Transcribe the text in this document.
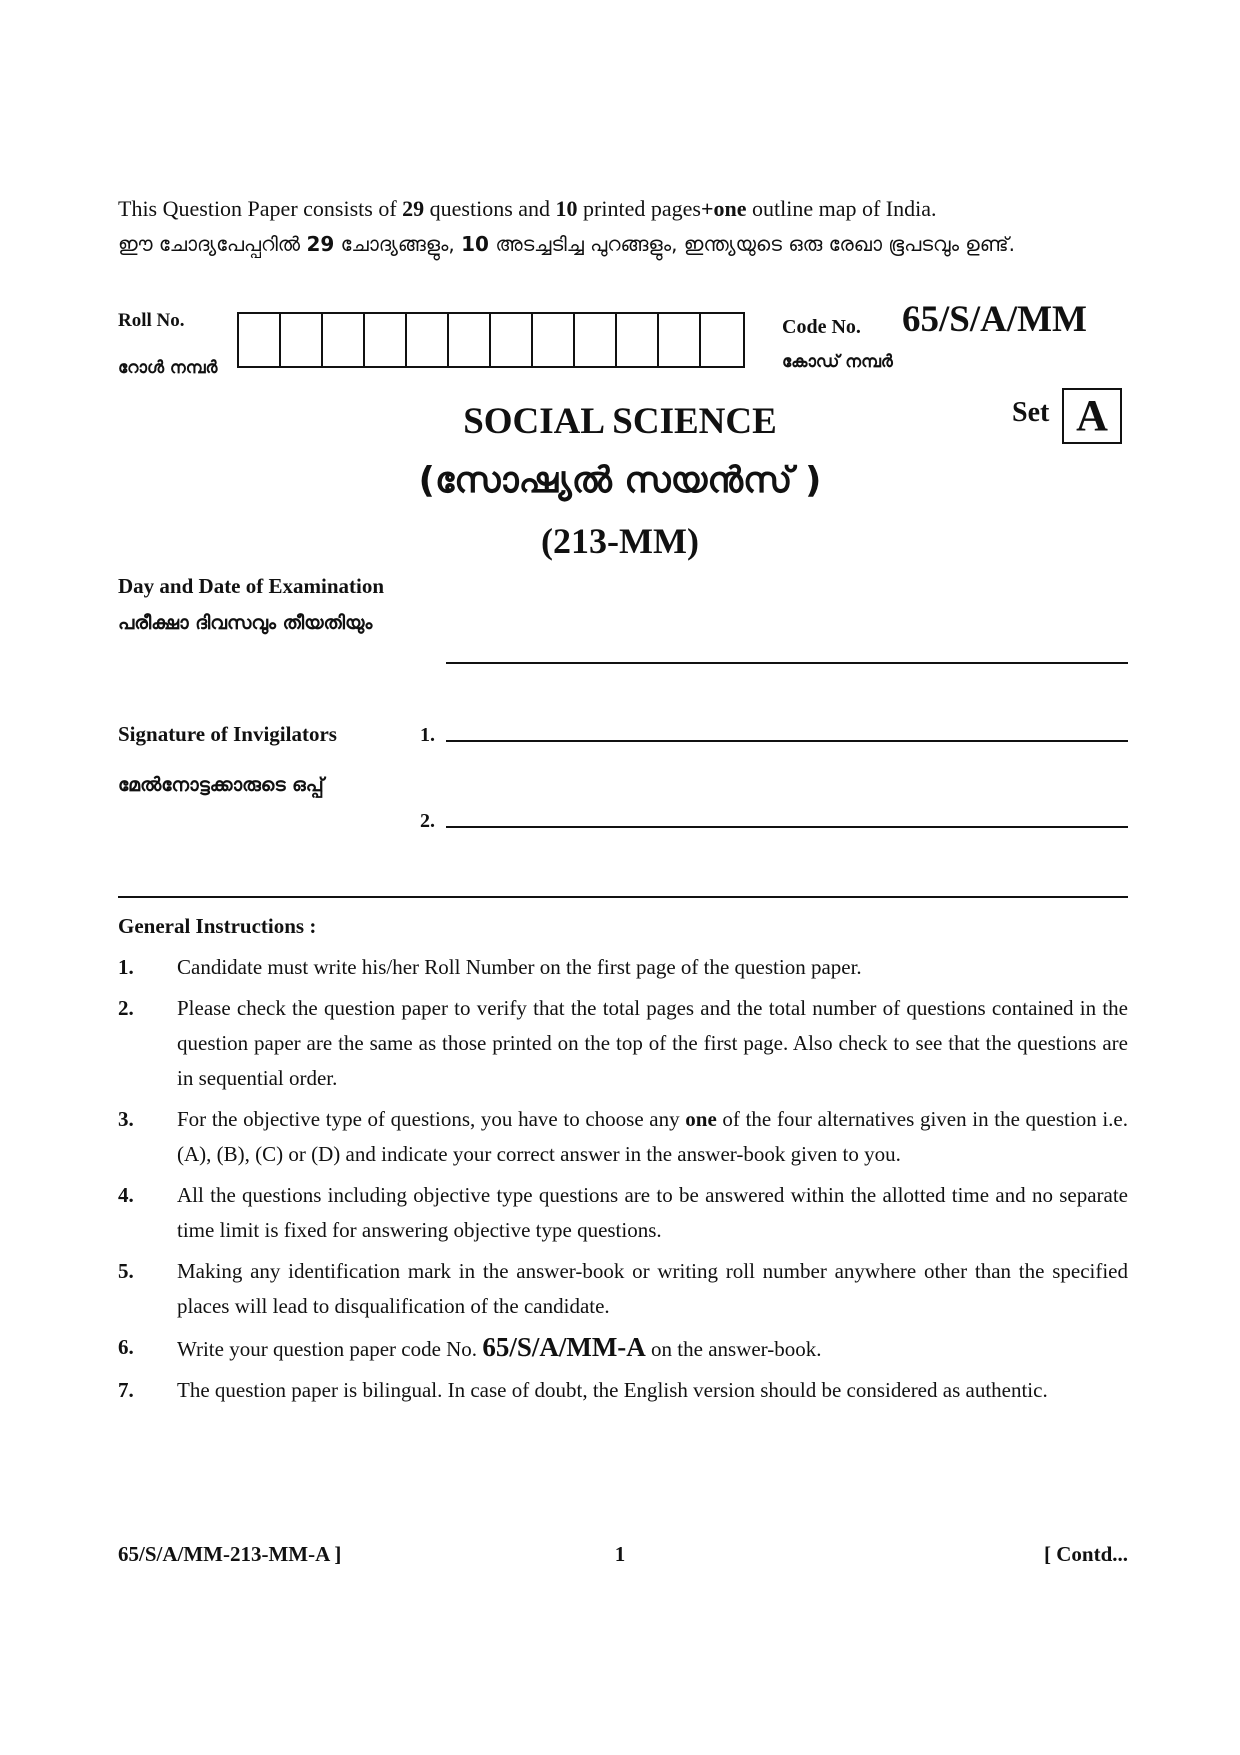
This Question Paper consists of 29 questions and 10 printed pages+one outline map of India.
ഈ ചോദ്യപേപ്പറിൽ 29 ചോദ്യങ്ങളും, 10 അടച്ചടിച്ച പുറങ്ങളും, ഇന്ത്യയുടെ ഒരു രേഖാ ഭൂപടവും ഉണ്ട്.
Roll No.
റോൾ നമ്പർ
Code No. 65/S/A/MM
കോഡ് നമ്പർ
SOCIAL SCIENCE
(സോഷ്യൽ സയൻസ് )
(213-MM)
Set A
Day and Date of Examination
പരീക്ഷാ ദിവസവും തീയതിയും
Signature of Invigilators
മേൽനോട്ടക്കാരുടെ ഒപ്പ്
1.
2.
General Instructions :
1.	Candidate must write his/her Roll Number on the first page of the question paper.
2.	Please check the question paper to verify that the total pages and the total number of questions contained in the question paper are the same as those printed on the top of the first page. Also check to see that the questions are in sequential order.
3.	For the objective type of questions, you have to choose any one of the four alternatives given in the question i.e. (A), (B), (C) or (D) and indicate your correct answer in the answer-book given to you.
4.	All the questions including objective type questions are to be answered within the allotted time and no separate time limit is fixed for answering objective type questions.
5.	Making any identification mark in the answer-book or writing roll number anywhere other than the specified places will lead to disqualification of the candidate.
6.	Write your question paper code No. 65/S/A/MM-A on the answer-book.
7.	The question paper is bilingual. In case of doubt, the English version should be considered as authentic.
65/S/A/MM-213-MM-A ]	1	[ Contd...
